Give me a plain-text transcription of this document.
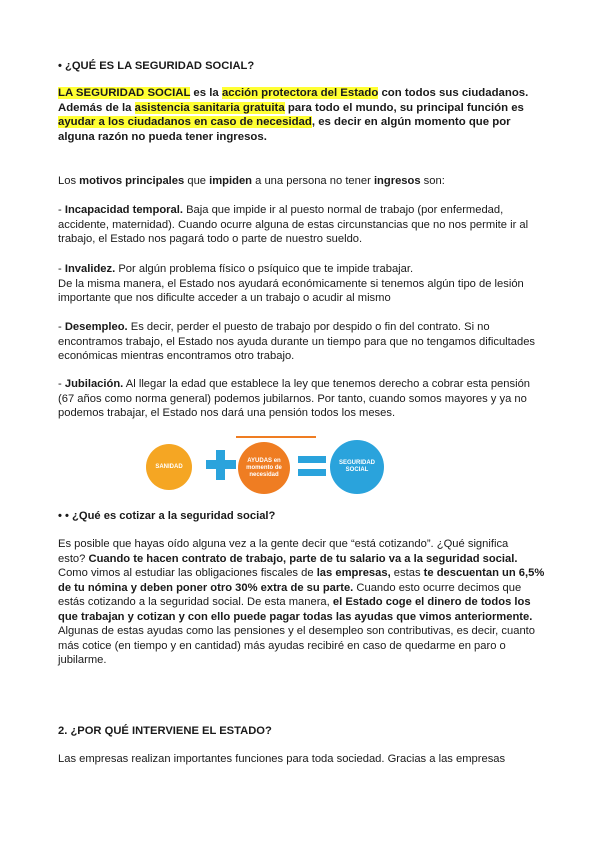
• ¿QUÉ ES LA SEGURIDAD SOCIAL?
LA SEGURIDAD SOCIAL es la acción protectora del Estado con todos sus ciudadanos.
Además de la asistencia sanitaria gratuita para todo el mundo, su principal función es ayudar a los ciudadanos en caso de necesidad, es decir en algún momento que por alguna razón no pueda tener ingresos.
Los motivos principales que impiden a una persona no tener ingresos son:
- Incapacidad temporal. Baja que impide ir al puesto normal de trabajo (por enfermedad, accidente, maternidad). Cuando ocurre alguna de estas circunstancias que no nos permite ir al trabajo, el Estado nos pagará todo o parte de nuestro sueldo.
- Invalidez. Por algún problema físico o psíquico que te impide trabajar.
De la misma manera, el Estado nos ayudará económicamente si tenemos algún tipo de lesión importante que nos dificulte acceder a un trabajo o acudir al mismo
- Desempleo. Es decir, perder el puesto de trabajo por despido o fin del contrato. Si no encontramos trabajo, el Estado nos ayuda durante un tiempo para que no tengamos dificultades económicas mientras encontramos otro trabajo.
- Jubilación. Al llegar la edad que establece la ley que tenemos derecho a cobrar esta pensión (67 años como norma general) podemos jubilarnos. Por tanto, cuando somos mayores y ya no podemos trabajar, el Estado nos dará una pensión todos los meses.
SANIDAD
AYUDAS en momento de necesidad
SEGURIDAD SOCIAL
• • ¿Qué es cotizar a la seguridad social?
Es posible que hayas oído alguna vez a la gente decir que “está cotizando”. ¿Qué significa
esto? Cuando te hacen contrato de trabajo, parte de tu salario va a la seguridad social. Como vimos al estudiar las obligaciones fiscales de las empresas, estas te descuentan un 6,5% de tu nómina y deben poner otro 30% extra de su parte. Cuando esto ocurre decimos que estás cotizando a la seguridad social. De esta manera, el Estado coge el dinero de todos los que trabajan y cotizan y con ello puede pagar todas las ayudas que vimos anteriormente. Algunas de estas ayudas como las pensiones y el desempleo son contributivas, es decir, cuanto más cotice (en tiempo y en cantidad) más ayudas recibiré en caso de quedarme en paro o jubilarme.
2. ¿POR QUÉ INTERVIENE EL ESTADO?
Las empresas realizan importantes funciones para toda sociedad. Gracias a las empresas
